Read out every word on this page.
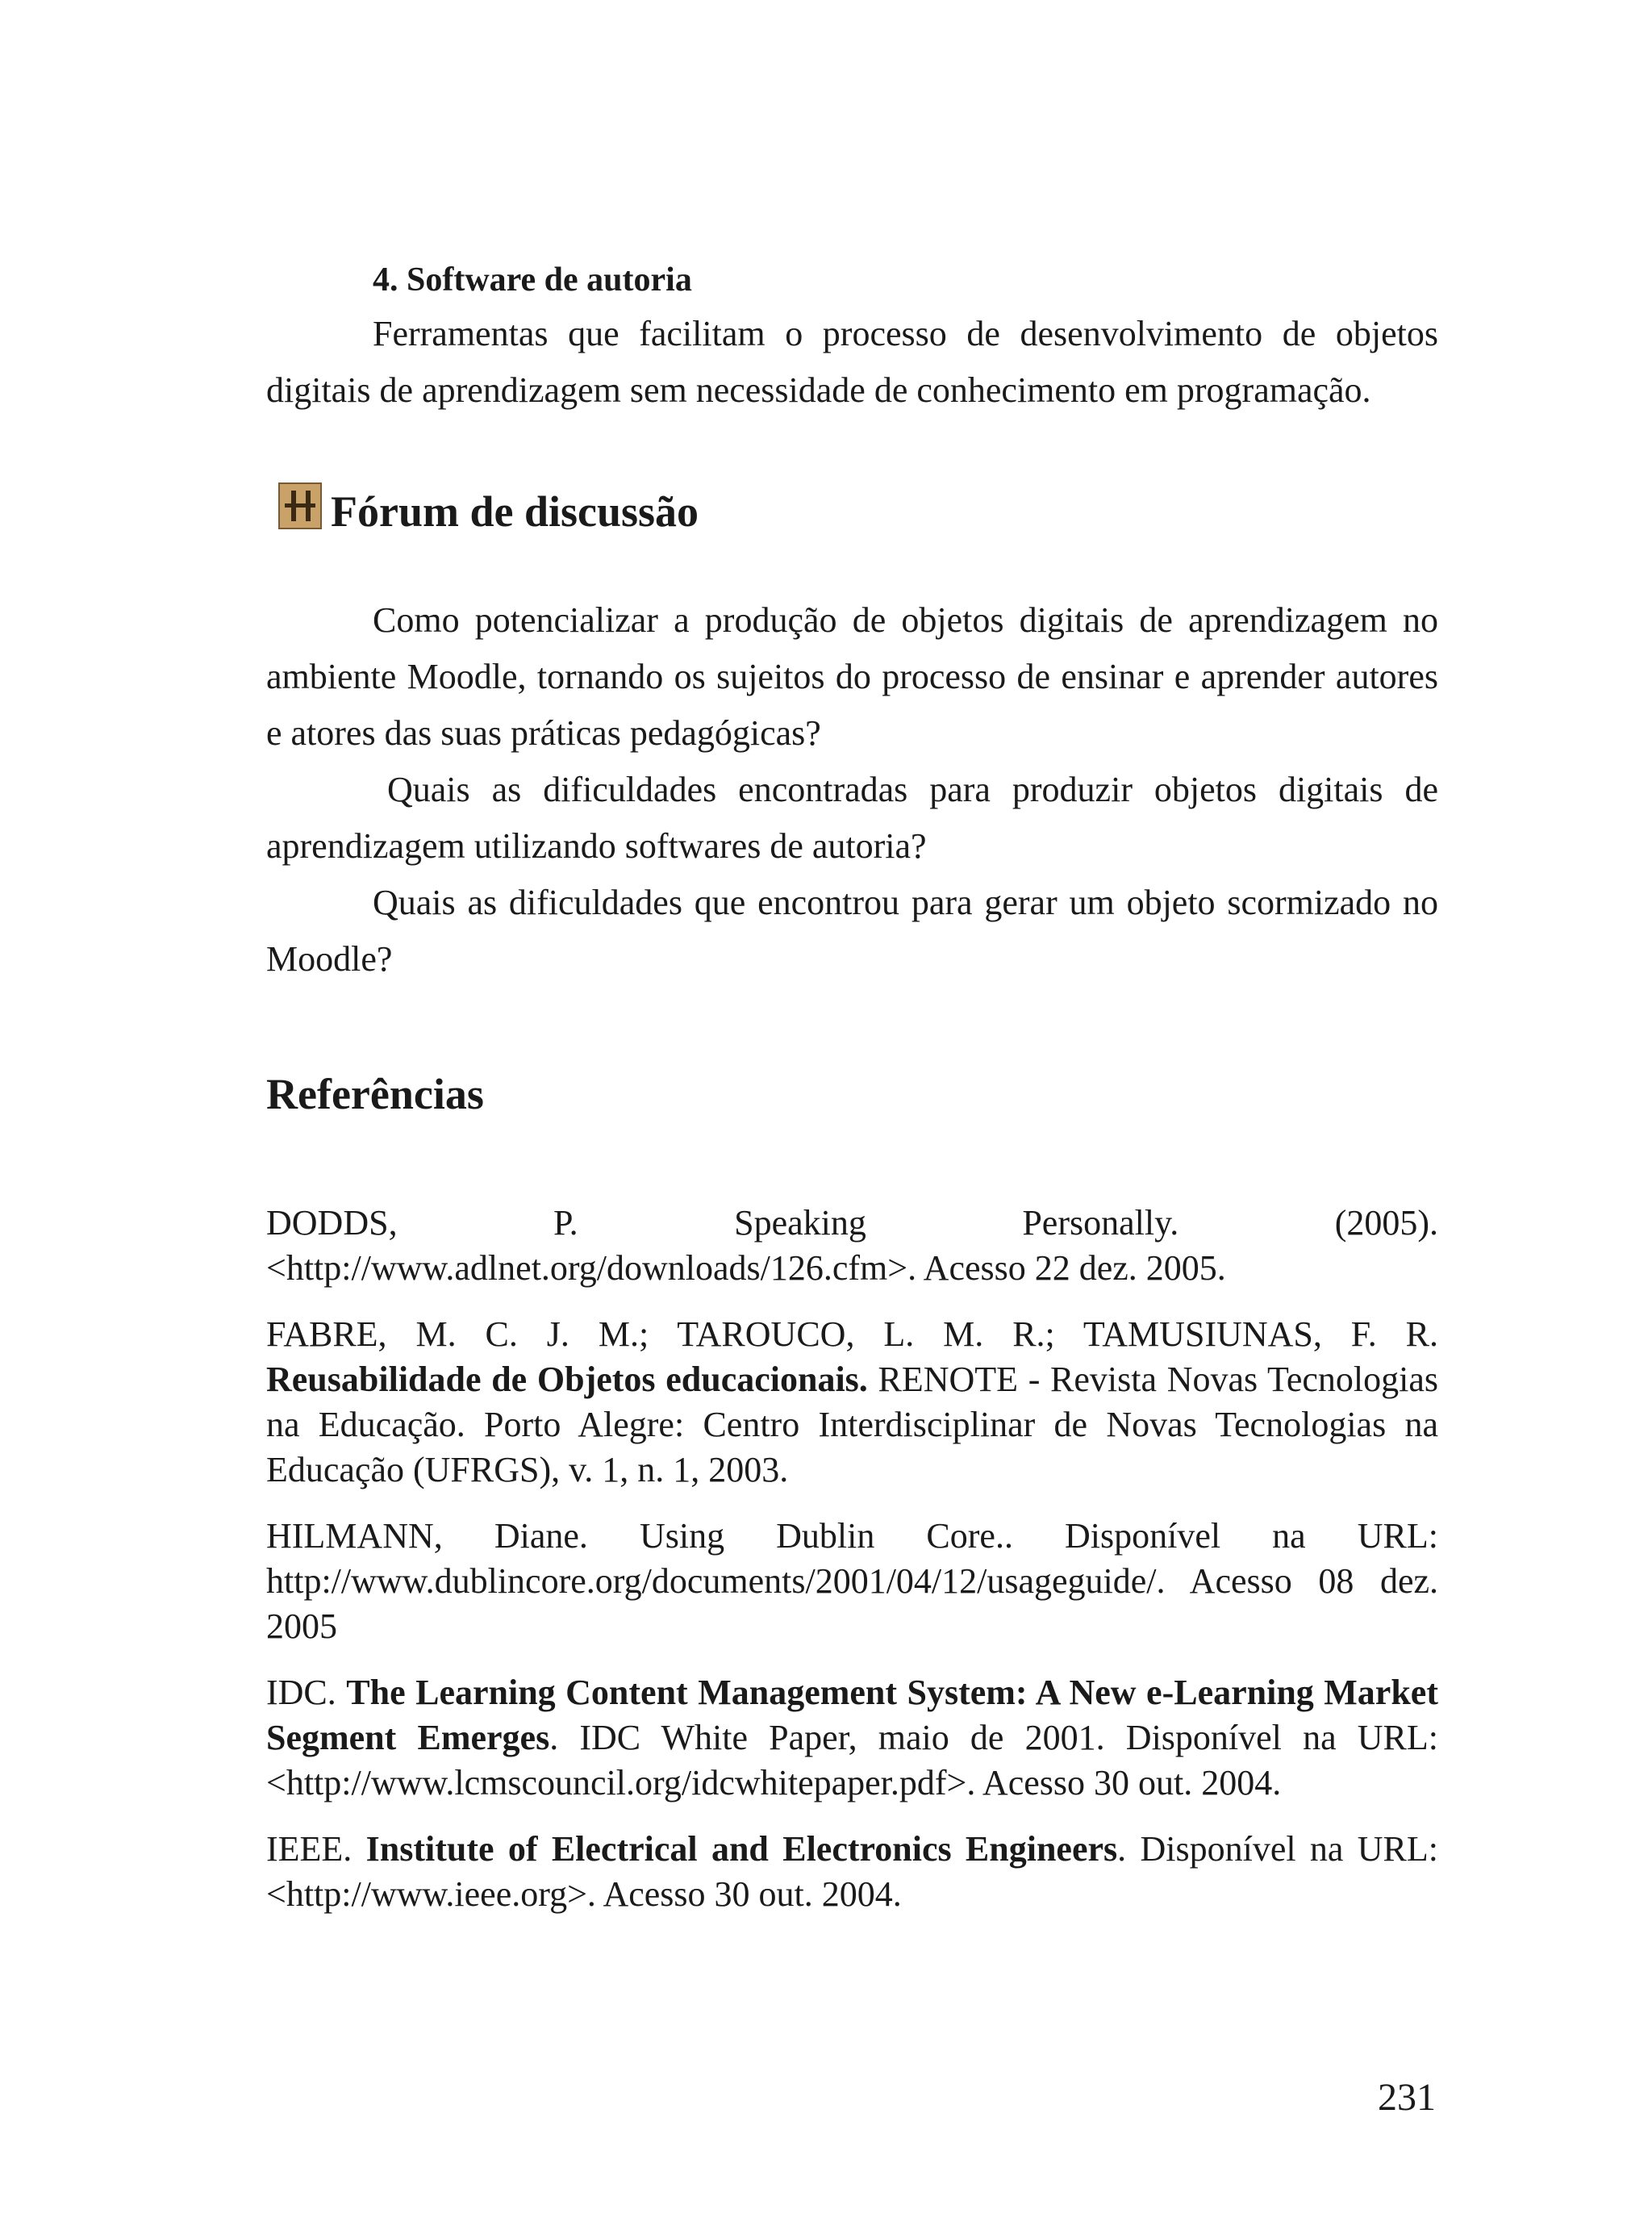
4. Software de autoria

Ferramentas que facilitam o processo de desenvolvimento de objetos digitais de aprendizagem sem necessidade de conhecimento em programação.

Fórum de discussão

Como potencializar a produção de objetos digitais de aprendizagem no ambiente Moodle, tornando os sujeitos do processo de ensinar e aprender autores e atores das suas práticas pedagógicas?

Quais as dificuldades encontradas para produzir objetos digitais de aprendizagem utilizando softwares de autoria?

Quais as dificuldades que encontrou para gerar um objeto scormizado no Moodle?

Referências

DODDS, P. Speaking Personally. (2005). <http://www.adlnet.org/downloads/126.cfm>. Acesso 22 dez. 2005.

FABRE, M. C. J. M.; TAROUCO, L. M. R.; TAMUSIUNAS, F. R. Reusabilidade de Objetos educacionais. RENOTE - Revista Novas Tecnologias na Educação. Porto Alegre: Centro Interdisciplinar de Novas Tecnologias na Educação (UFRGS), v. 1, n. 1, 2003.

HILMANN, Diane. Using Dublin Core.. Disponível na URL: http://www.dublincore.org/documents/2001/04/12/usageguide/. Acesso 08 dez. 2005

IDC. The Learning Content Management System: A New e-Learning Market Segment Emerges. IDC White Paper, maio de 2001. Disponível na URL: <http://www.lcmscouncil.org/idcwhitepaper.pdf>. Acesso 30 out. 2004.

IEEE. Institute of Electrical and Electronics Engineers. Disponível na URL: <http://www.ieee.org>. Acesso 30 out. 2004.

231
